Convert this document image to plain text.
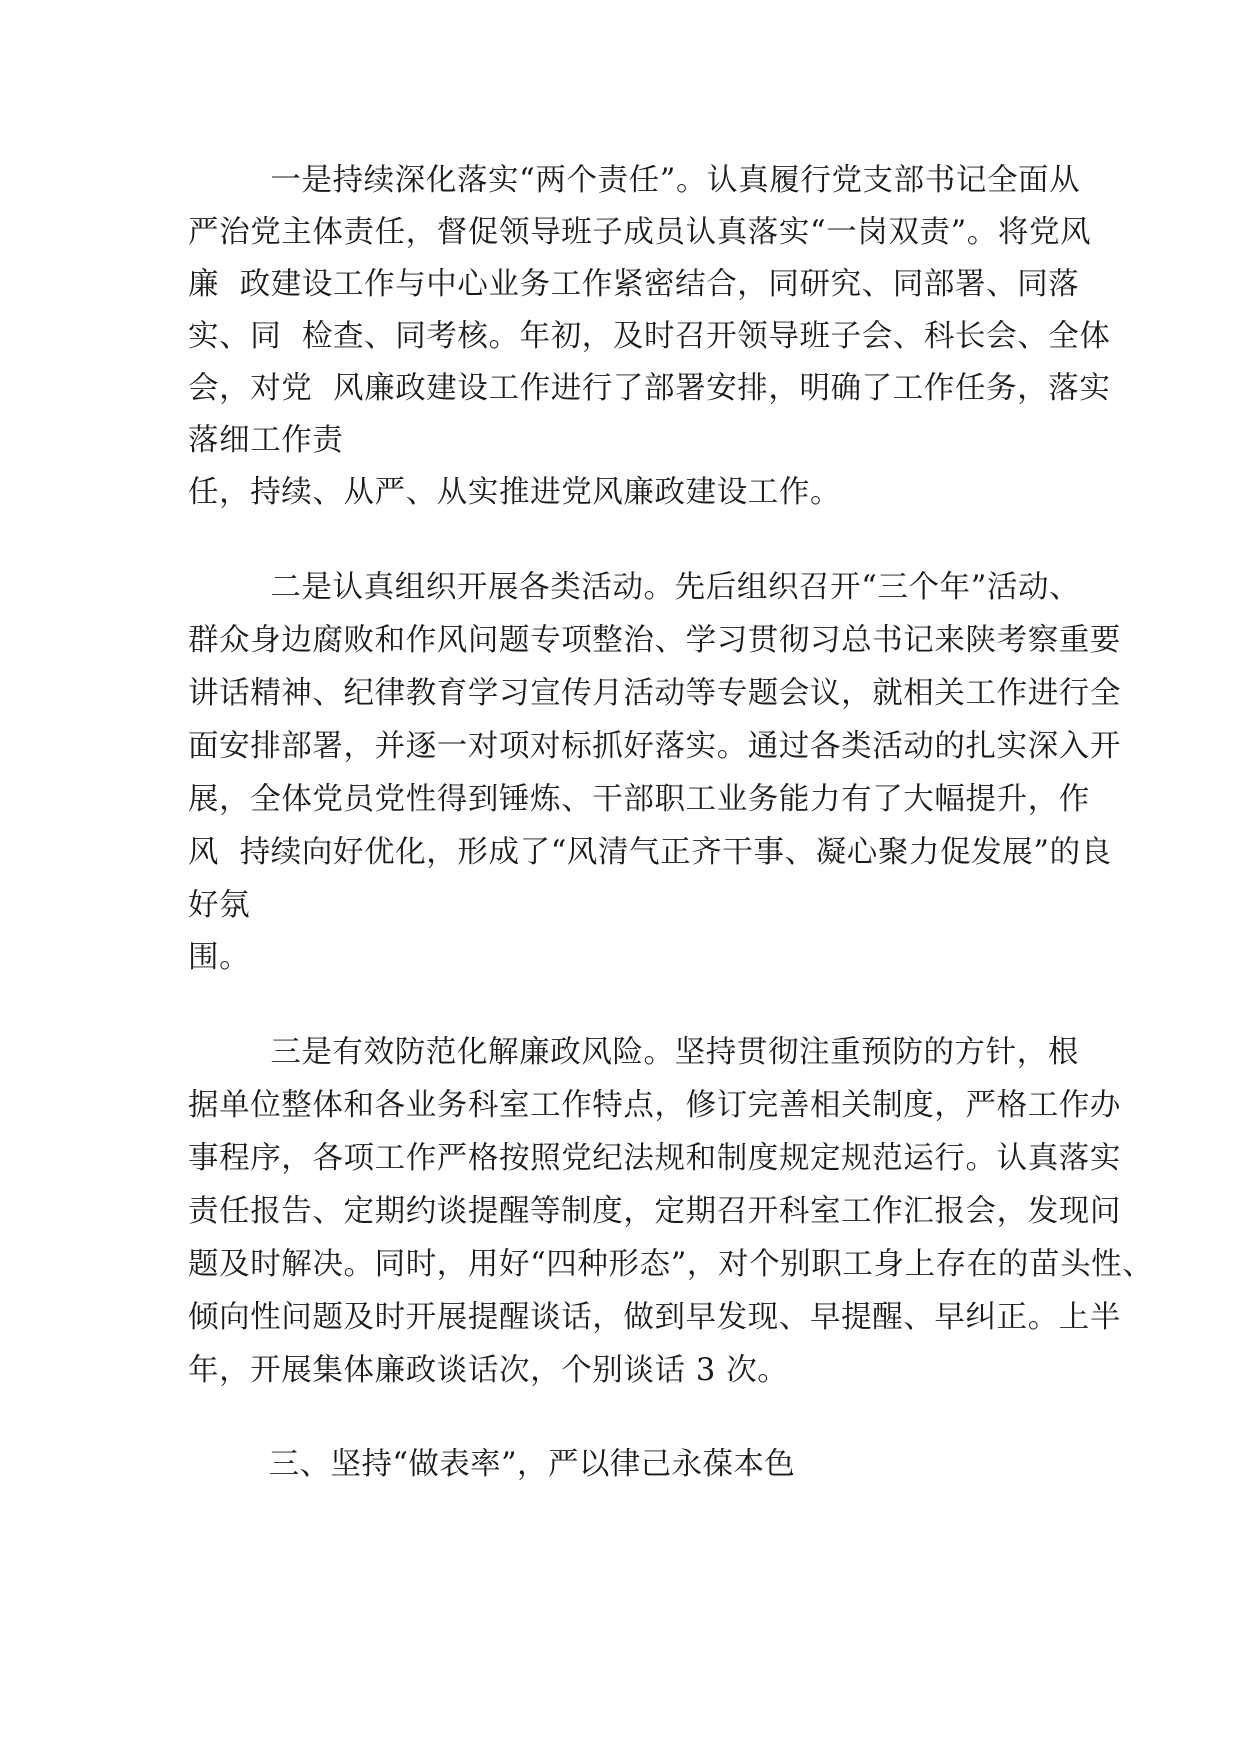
一是持续深化落实“两个责任”。认真履行党支部书记全面从
严治党主体责任，督促领导班子成员认真落实“一岗双责”。将党风
廉  政建设工作与中心业务工作紧密结合，同研究、同部署、同落
实、同  检查、同考核。年初，及时召开领导班子会、科长会、全体
会，对党  风廉政建设工作进行了部署安排，明确了工作任务，落实
落细工作责
任，持续、从严、从实推进党风廉政建设工作。
二是认真组织开展各类活动。先后组织召开“三个年”活动、
群众身边腐败和作风问题专项整治、学习贯彻习总书记来陕考察重要
讲话精神、纪律教育学习宣传月活动等专题会议，就相关工作进行全
面安排部署，并逐一对项对标抓好落实。通过各类活动的扎实深入开
展，全体党员党性得到锤炼、干部职工业务能力有了大幅提升，作
风  持续向好优化，形成了“风清气正齐干事、凝心聚力促发展”的良
好氛
围。
三是有效防范化解廉政风险。坚持贯彻注重预防的方针，根
据单位整体和各业务科室工作特点，修订完善相关制度，严格工作办
事程序，各项工作严格按照党纪法规和制度规定规范运行。认真落实
责任报告、定期约谈提醒等制度，定期召开科室工作汇报会，发现问
题及时解决。同时，用好“四种形态”，对个别职工身上存在的苗头性、
倾向性问题及时开展提醒谈话，做到早发现、早提醒、早纠正。上半
年，开展集体廉政谈话次，个别谈话 3 次。
三、坚持“做表率”，严以律己永葆本色
